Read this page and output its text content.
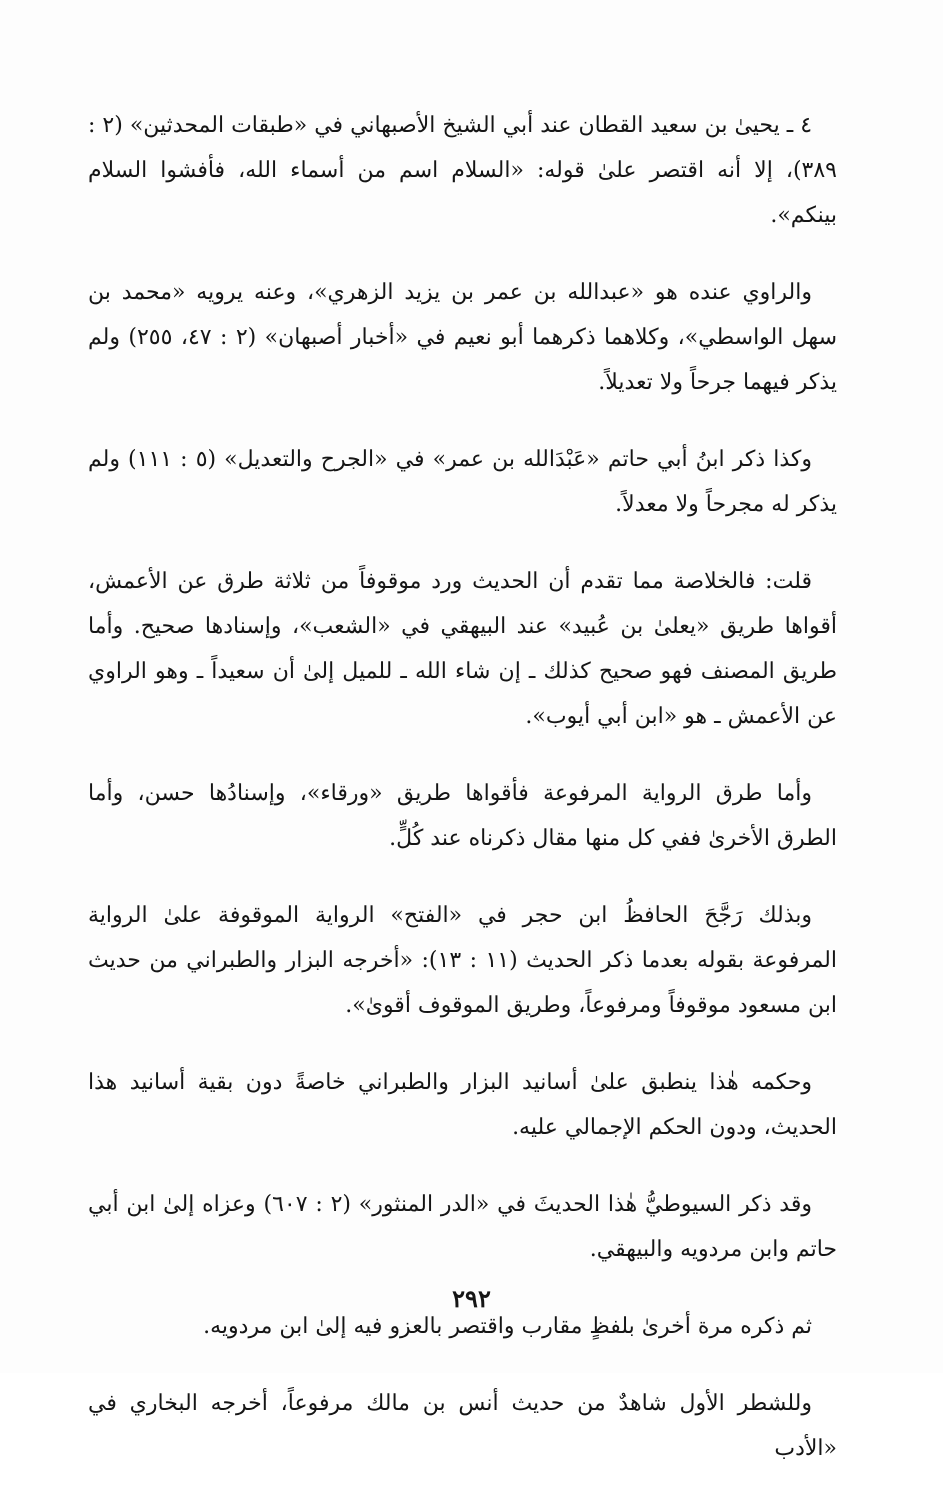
٤ ـ يحيىٰ بن سعيد القطان عند أبي الشيخ الأصبهاني في «طبقات المحدثين» (٢ : ٣٨٩)، إلا أنه اقتصر علىٰ قوله: «السلام اسم من أسماء الله، فأفشوا السلام بينكم».

والراوي عنده هو «عبدالله بن عمر بن يزيد الزهري»، وعنه يرويه «محمد بن سهل الواسطي»، وكلاهما ذكرهما أبو نعيم في «أخبار أصبهان» (٢ : ٤٧، ٢٥٥) ولم يذكر فيهما جرحاً ولا تعديلاً.

وكذا ذكر ابنُ أبي حاتم «عَبْدَالله بن عمر» في «الجرح والتعديل» (٥ : ١١١) ولم يذكر له مجرحاً ولا معدلاً.

قلت: فالخلاصة مما تقدم أن الحديث ورد موقوفاً من ثلاثة طرق عن الأعمش، أقواها طريق «يعلىٰ بن عُبيد» عند البيهقي في «الشعب»، وإسنادها صحيح. وأما طريق المصنف فهو صحيح كذلك ـ إن شاء الله ـ للميل إلىٰ أن سعيداً ـ وهو الراوي عن الأعمش ـ هو «ابن أبي أيوب».

وأما طرق الرواية المرفوعة فأقواها طريق «ورقاء»، وإسنادُها حسن، وأما الطرق الأخرىٰ ففي كل منها مقال ذكرناه عند كُلٍّ.

وبذلك رَجَّحَ الحافظُ ابن حجر في «الفتح» الرواية الموقوفة علىٰ الرواية المرفوعة بقوله بعدما ذكر الحديث (١١ : ١٣): «أخرجه البزار والطبراني من حديث ابن مسعود موقوفاً ومرفوعاً، وطريق الموقوف أقوىٰ».

وحكمه هٰذا ينطبق علىٰ أسانيد البزار والطبراني خاصةً دون بقية أسانيد هذا الحديث، ودون الحكم الإجمالي عليه.

وقد ذكر السيوطيُّ هٰذا الحديثَ في «الدر المنثور» (٢ : ٦٠٧) وعزاه إلىٰ ابن أبي حاتم وابن مردويه والبيهقي.

ثم ذكره مرة أخرىٰ بلفظٍ مقارب واقتصر بالعزو فيه إلىٰ ابن مردويه.

وللشطر الأول شاهدٌ من حديث أنس بن مالك مرفوعاً، أخرجه البخاري في «الأدب

٢٩٢
